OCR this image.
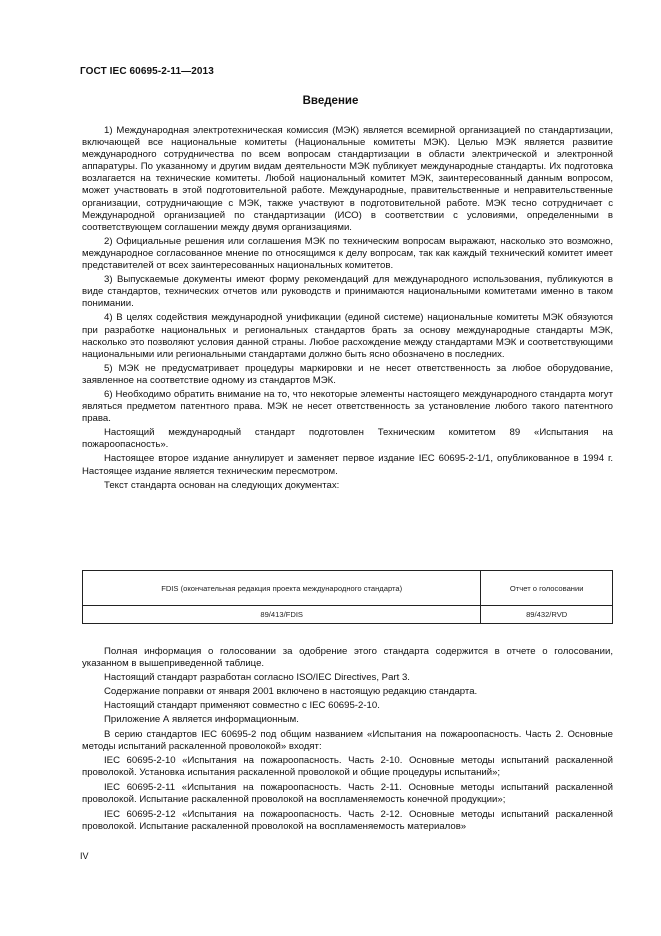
ГОСТ IEC 60695-2-11—2013
Введение

1) Международная электротехническая комиссия (МЭК) является всемирной организацией по стандартизации, включающей все национальные комитеты (Национальные комитеты МЭК). Целью МЭК является развитие международного сотрудничества по всем вопросам стандартизации в области электрической и электронной аппаратуры. По указанному и другим видам деятельности МЭК публикует международные стандарты. Их подготовка возлагается на технические комитеты. Любой национальный комитет МЭК, заинтересованный данным вопросом, может участвовать в этой подготовительной работе. Международные, правительственные и неправительственные организации, сотрудничающие с МЭК, также участвуют в подготовительной работе. МЭК тесно сотрудничает с Международной организацией по стандартизации (ИСО) в соответствии с условиями, определенными в соответствующем соглашении между двумя организациями.

2) Официальные решения или соглашения МЭК по техническим вопросам выражают, насколько это возможно, международное согласованное мнение по относящимся к делу вопросам, так как каждый технический комитет имеет представителей от всех заинтересованных национальных комитетов.

3) Выпускаемые документы имеют форму рекомендаций для международного использования, публикуются в виде стандартов, технических отчетов или руководств и принимаются национальными комитетами именно в таком понимании.

4) В целях содействия международной унификации (единой системе) национальные комитеты МЭК обязуются при разработке национальных и региональных стандартов брать за основу международные стандарты МЭК, насколько это позволяют условия данной страны. Любое расхождение между стандартами МЭК и соответствующими национальными или региональными стандартами должно быть ясно обозначено в последних.

5) МЭК не предусматривает процедуры маркировки и не несет ответственность за любое оборудование, заявленное на соответствие одному из стандартов МЭК.

6) Необходимо обратить внимание на то, что некоторые элементы настоящего международного стандарта могут являться предметом патентного права. МЭК не несет ответственность за установление любого такого патентного права.

Настоящий международный стандарт подготовлен Техническим комитетом 89 «Испытания на пожароопасность».

Настоящее второе издание аннулирует и заменяет первое издание IEC 60695-2-1/1, опубликованное в 1994 г. Настоящее издание является техническим пересмотром.

Текст стандарта основан на следующих документах:

FDIS (окончательная редакция проекта международного стандарта)	Отчет о голосовании
89/413/FDIS	89/432/RVD

Полная информация о голосовании за одобрение этого стандарта содержится в отчете о голосовании, указанном в вышеприведенной таблице.

Настоящий стандарт разработан согласно ISO/IEC Directives, Part 3.

Содержание поправки от января 2001 включено в настоящую редакцию стандарта.

Настоящий стандарт применяют совместно с IEC 60695-2-10.

Приложение А является информационным.

В серию стандартов IEC 60695-2 под общим названием «Испытания на пожароопасность. Часть 2. Основные методы испытаний раскаленной проволокой» входят:

IEC 60695-2-10 «Испытания на пожароопасность. Часть 2-10. Основные методы испытаний раскаленной проволокой. Установка испытания раскаленной проволокой и общие процедуры испытаний»;

IEC 60695-2-11 «Испытания на пожароопасность. Часть 2-11. Основные методы испытаний раскаленной проволокой. Испытание раскаленной проволокой на воспламеняемость конечной продукции»;

IEC 60695-2-12 «Испытания на пожароопасность. Часть 2-12. Основные методы испытаний раскаленной проволокой. Испытание раскаленной проволокой на воспламеняемость материалов»

IV
